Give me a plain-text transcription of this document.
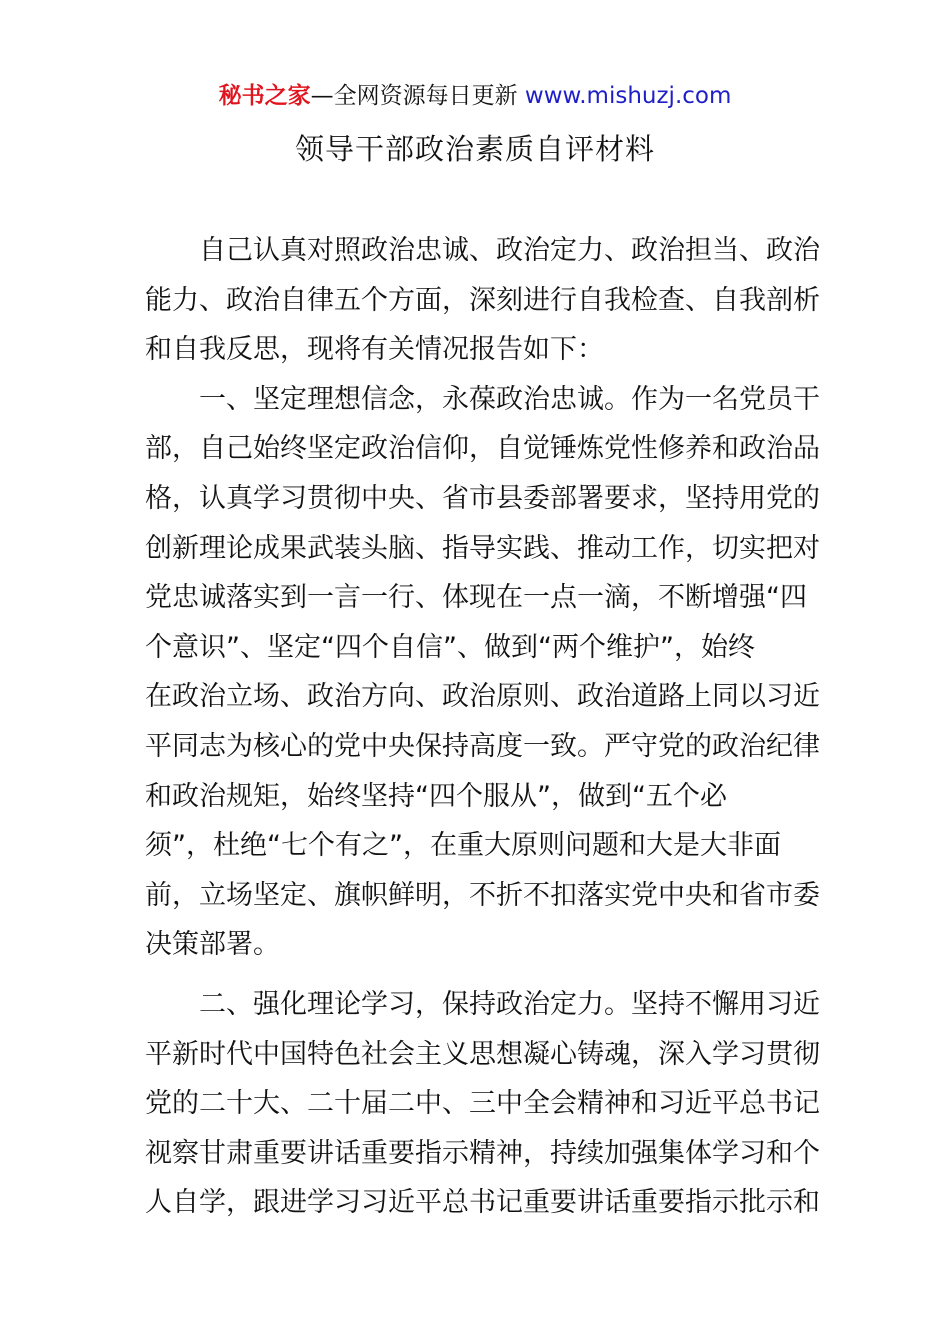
秘书之家—全网资源每日更新 www.mishuzj.com
领导干部政治素质自评材料
自己认真对照政治忠诚、政治定力、政治担当、政治
能力、政治自律五个方面，深刻进行自我检查、自我剖析
和自我反思，现将有关情况报告如下：
一、坚定理想信念，永葆政治忠诚。作为一名党员干
部，自己始终坚定政治信仰，自觉锤炼党性修养和政治品
格，认真学习贯彻中央、省市县委部署要求，坚持用党的
创新理论成果武装头脑、指导实践、推动工作，切实把对
党忠诚落实到一言一行、体现在一点一滴，不断增强“四
个意识”、坚定“四个自信”、做到“两个维护”，始终
在政治立场、政治方向、政治原则、政治道路上同以习近
平同志为核心的党中央保持高度一致。严守党的政治纪律
和政治规矩，始终坚持“四个服从”，做到“五个必
须”，杜绝“七个有之”，在重大原则问题和大是大非面
前，立场坚定、旗帜鲜明，不折不扣落实党中央和省市委
决策部署。
二、强化理论学习，保持政治定力。坚持不懈用习近
平新时代中国特色社会主义思想凝心铸魂，深入学习贯彻
党的二十大、二十届二中、三中全会精神和习近平总书记
视察甘肃重要讲话重要指示精神，持续加强集体学习和个
人自学，跟进学习习近平总书记重要讲话重要指示批示和
